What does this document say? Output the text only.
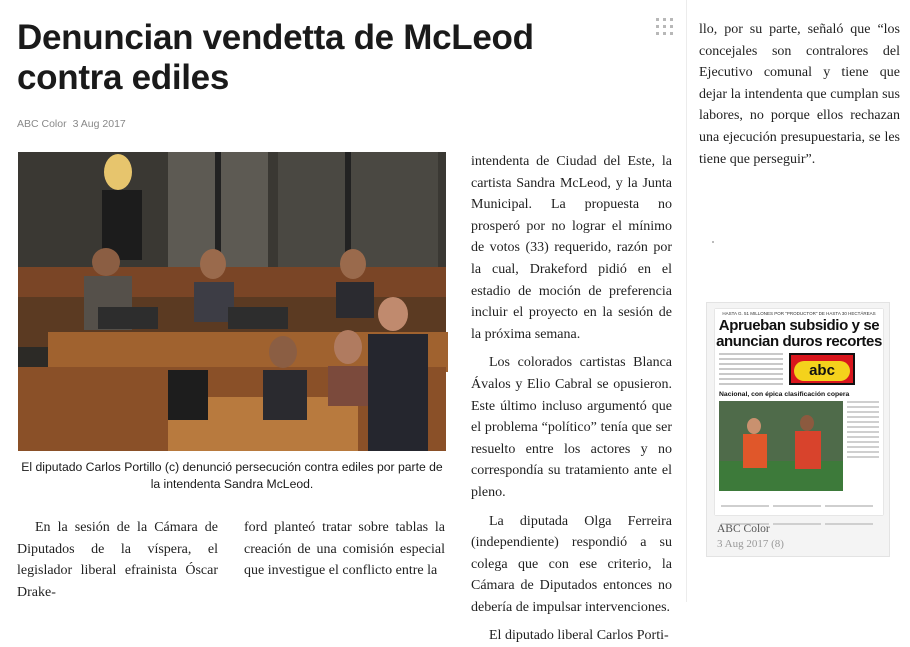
Denuncian vendetta de McLeod contra ediles
ABC Color 3 Aug 2017
El diputado Carlos Portillo (c) denunció persecución contra ediles por parte de la intendenta Sandra McLeod.

En la sesión de la Cámara de Diputados de la víspera, el legislador liberal efrainista Óscar Drake-

ford planteó tratar sobre tablas la creación de una comisión especial que investigue el conflicto entre la

intendenta de Ciudad del Este, la cartista Sandra McLeod, y la Junta Municipal. La propuesta no prosperó por no lograr el mínimo de votos (33) requerido, razón por la cual, Drakeford pidió en el estadio de moción de preferencia incluir el proyecto en la sesión de la próxima semana.

Los colorados cartistas Blanca Ávalos y Elio Cabral se opusieron. Este último incluso argumentó que el problema “político” tenía que ser resuelto entre los actores y no correspondía su tratamiento ante el pleno.

La diputada Olga Ferreira (independiente) respondió a su colega que con ese criterio, la Cámara de Diputados entonces no debería de impulsar intervenciones.

El diputado liberal Carlos Porti-

llo, por su parte, señaló que “los concejales son contralores del Ejecutivo comunal y tiene que dejar la intendenta que cumplan sus labores, no porque ellos rechazan una ejecución presupuestaria, se les tiene que perseguir”.

HASTA G. 51 MILLONES POR "PRODUCTOR" DE HASTA 30 HECTÁREAS
Aprueban subsidio y se anuncian duros recortes
abc
Nacional, con épica clasificación copera
ABC Color
3 Aug 2017 (8)
